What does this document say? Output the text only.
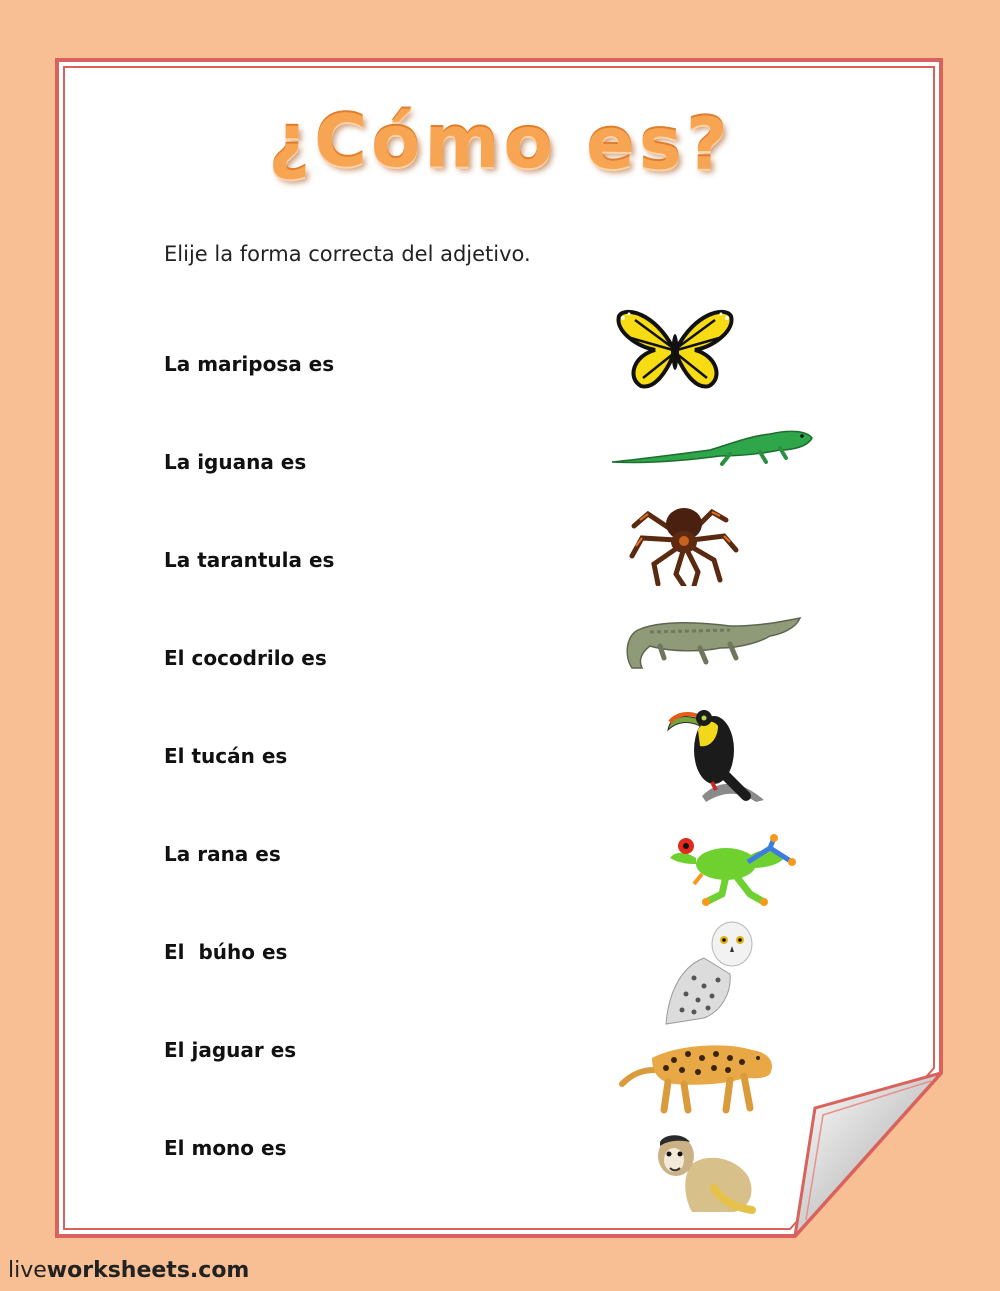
¿Cómo es?
Elije la forma correcta del adjetivo.
La mariposa es
La iguana es
La tarantula es
El cocodrilo es
El tucán es
La rana es
El  búho es
El jaguar es
El mono es
liveworksheets.com
